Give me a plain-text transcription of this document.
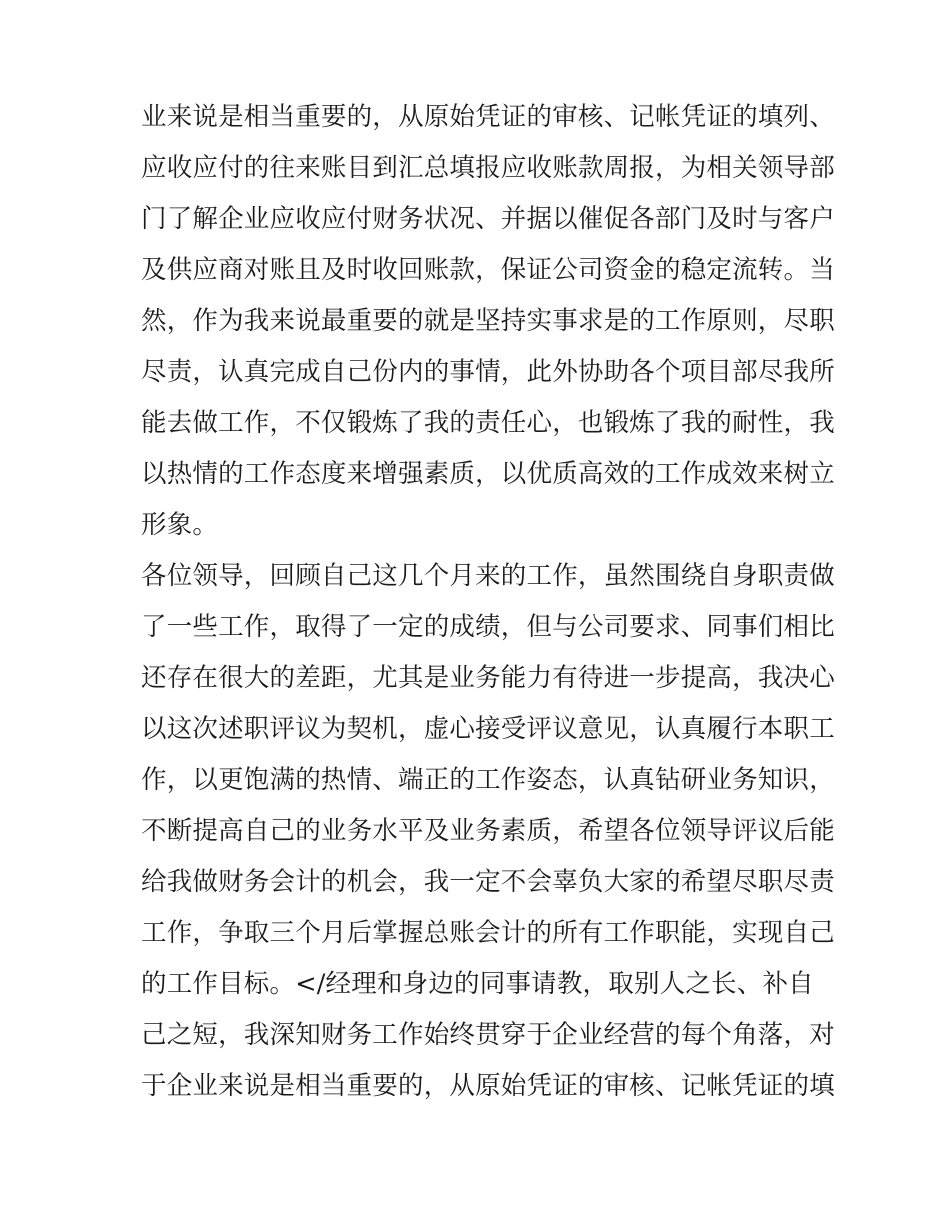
业来说是相当重要的，从原始凭证的审核、记帐凭证的填列、
应收应付的往来账目到汇总填报应收账款周报，为相关领导部
门了解企业应收应付财务状况、并据以催促各部门及时与客户
及供应商对账且及时收回账款，保证公司资金的稳定流转。当
然，作为我来说最重要的就是坚持实事求是的工作原则，尽职
尽责，认真完成自己份内的事情，此外协助各个项目部尽我所
能去做工作，不仅锻炼了我的责任心，也锻炼了我的耐性，我
以热情的工作态度来增强素质，以优质高效的工作成效来树立
形象。
各位领导，回顾自己这几个月来的工作，虽然围绕自身职责做
了一些工作，取得了一定的成绩，但与公司要求、同事们相比
还存在很大的差距，尤其是业务能力有待进一步提高，我决心
以这次述职评议为契机，虚心接受评议意见，认真履行本职工
作，以更饱满的热情、端正的工作姿态，认真钻研业务知识，
不断提高自己的业务水平及业务素质，希望各位领导评议后能
给我做财务会计的机会，我一定不会辜负大家的希望尽职尽责
工作，争取三个月后掌握总账会计的所有工作职能，实现自己
的工作目标。</经理和身边的同事请教，取别人之长、补自
己之短，我深知财务工作始终贯穿于企业经营的每个角落，对
于企业来说是相当重要的，从原始凭证的审核、记帐凭证的填
